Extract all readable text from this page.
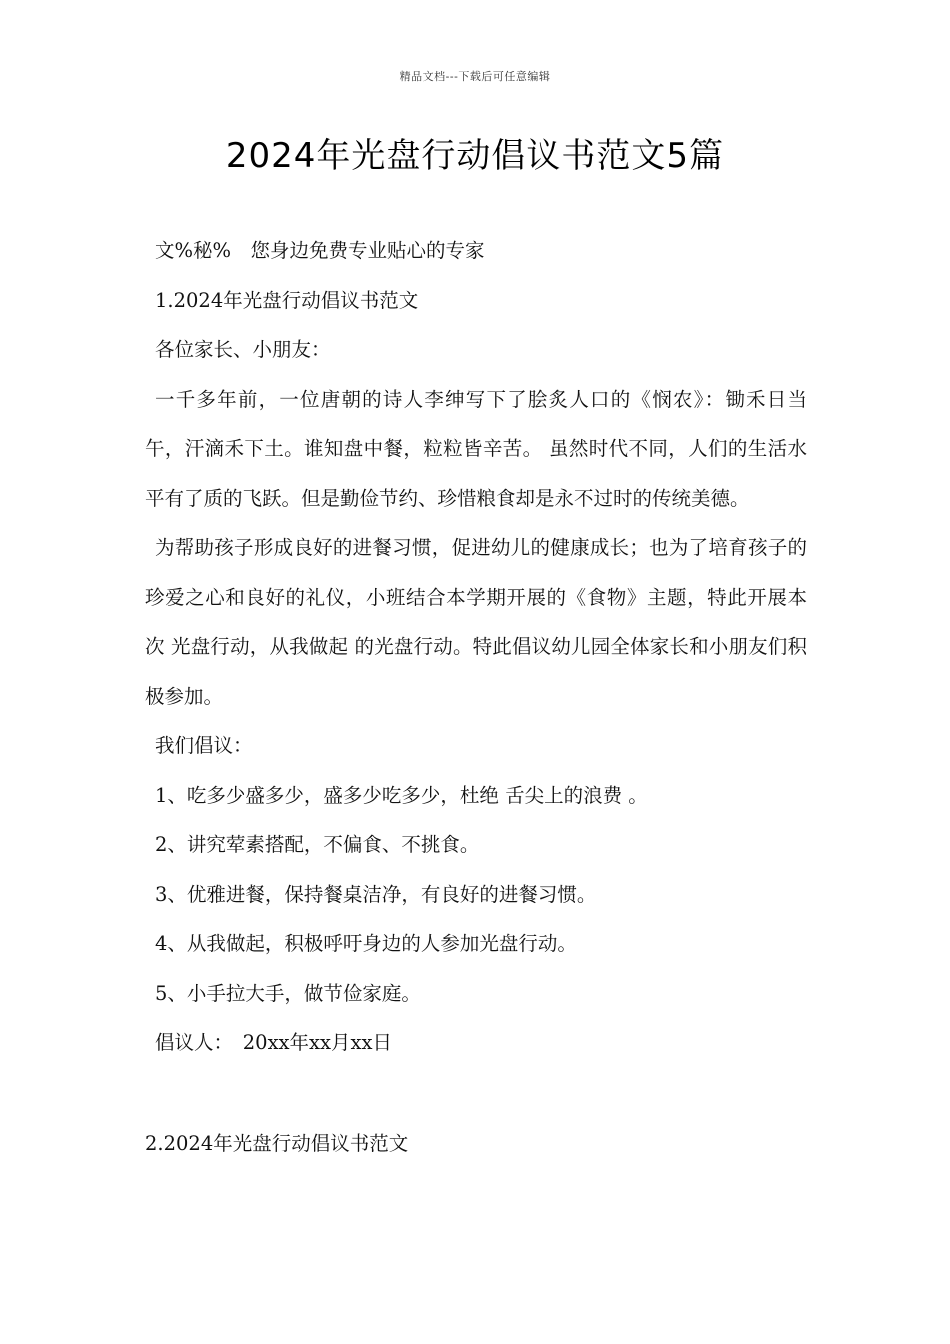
精品文档---下载后可任意编辑
2024年光盘行动倡议书范文5篇

文%秘%　您身边免费专业贴心的专家

1.2024年光盘行动倡议书范文

各位家长、小朋友：

一千多年前，一位唐朝的诗人李绅写下了脍炙人口的《悯农》：锄禾日当午，汗滴禾下土。谁知盘中餐，粒粒皆辛苦。 虽然时代不同，人们的生活水平有了质的飞跃。但是勤俭节约、珍惜粮食却是永不过时的传统美德。

为帮助孩子形成良好的进餐习惯，促进幼儿的健康成长；也为了培育孩子的珍爱之心和良好的礼仪，小班结合本学期开展的《食物》主题，特此开展本次 光盘行动，从我做起 的光盘行动。特此倡议幼儿园全体家长和小朋友们积极参加。

我们倡议：

1、吃多少盛多少，盛多少吃多少，杜绝 舌尖上的浪费 。

2、讲究荤素搭配，不偏食、不挑食。

3、优雅进餐，保持餐桌洁净，有良好的进餐习惯。

4、从我做起，积极呼吁身边的人参加光盘行动。

5、小手拉大手，做节俭家庭。

倡议人：　20xx年xx月xx日

2.2024年光盘行动倡议书范文
